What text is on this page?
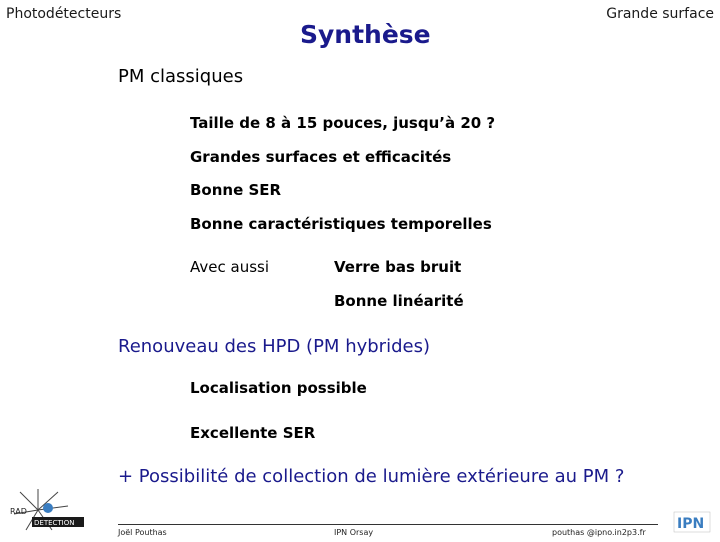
Photodétecteurs
Synthèse
Grande surface
PM classiques
Taille de 8 à 15 pouces, jusqu’à 20 ?
Grandes surfaces et efficacités
Bonne SER
Bonne caractéristiques temporelles
Avec aussi	Verre bas bruit
Bonne linéarité
Renouveau des HPD (PM hybrides)
Localisation possible
Excellente SER
+ Possibilité de collection de lumière extérieure au PM ?
RAD
DETECTION
Joël Pouthas	IPN Orsay	pouthas @ipno.in2p3.fr
IPN
